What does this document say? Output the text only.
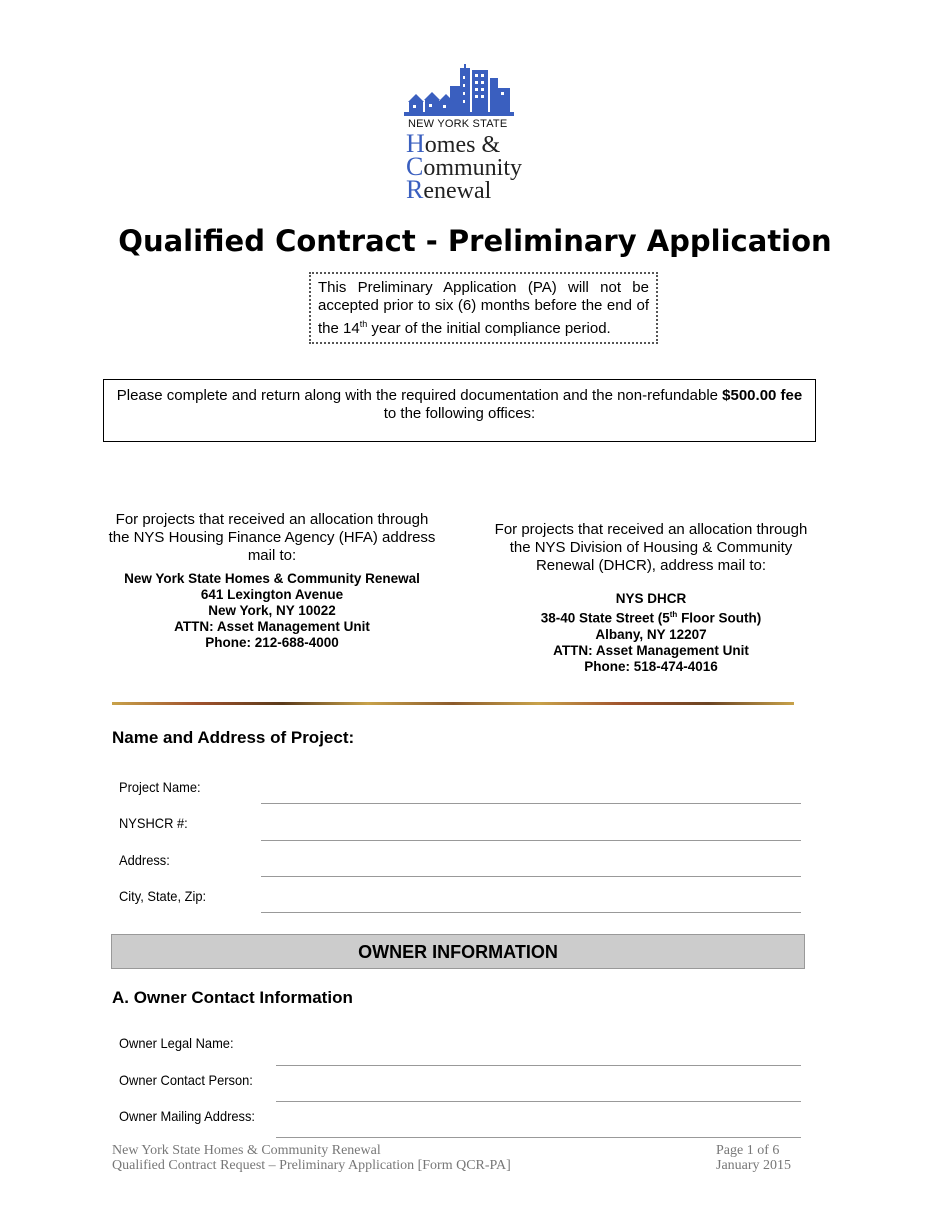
NEW YORK STATE
Homes &
Community
Renewal
Qualified Contract - Preliminary Application
This Preliminary Application (PA) will not be accepted prior to six (6) months before the end of the 14th year of the initial compliance period.
Please complete and return along with the required documentation and the non-refundable $500.00 fee to the following offices:
For projects that received an allocation through the NYS Housing Finance Agency (HFA) address mail to:
New York State Homes & Community Renewal
641 Lexington Avenue
New York, NY 10022
ATTN: Asset Management Unit
Phone: 212-688-4000
For projects that received an allocation through the NYS Division of Housing & Community Renewal (DHCR), address mail to:
NYS DHCR
38-40 State Street (5th Floor South)
Albany, NY 12207
ATTN: Asset Management Unit
Phone: 518-474-4016
Name and Address of Project:
Project Name:
NYSHCR #:
Address:
City, State, Zip:
OWNER INFORMATION
A. Owner Contact Information
Owner Legal Name:
Owner Contact Person:
Owner Mailing Address:
New York State Homes & Community Renewal
Qualified Contract Request – Preliminary Application [Form QCR-PA]
Page 1 of 6
January 2015
